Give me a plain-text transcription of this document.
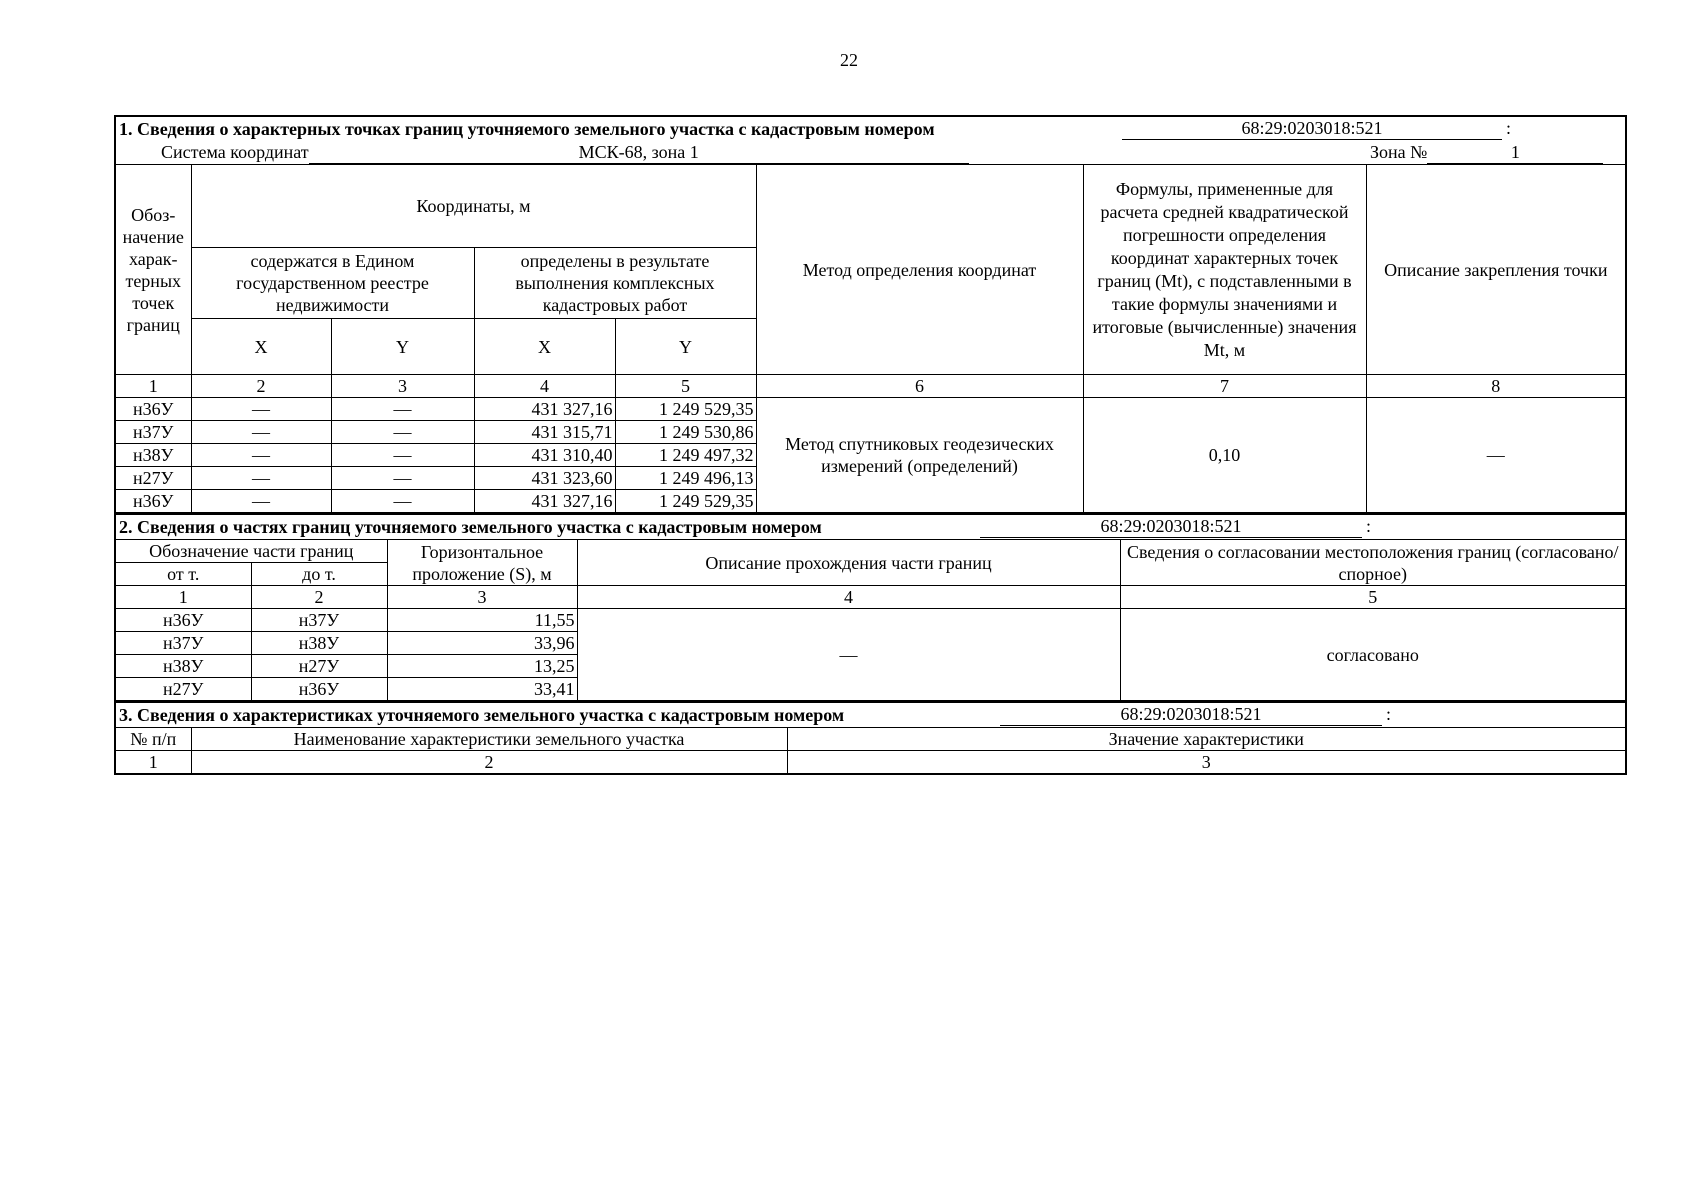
22
1. Сведения о характерных точках границ уточняемого земельного участка с кадастровым номером 68:29:0203018:521 :							

Система координат МСК-68, зона 1 Зона № 1							

Обоз-начение харак-терных точек границ	Координаты, м				Метод определения координат	Формулы, примененные для расчета средней квадратической погрешности определения координат характерных точек границ (Mt), с подставленными в такие формулы значениями и итоговые (вычисленные) значения Mt, м	Описание закрепления точки
	содержатся в Едином государственном реестре недвижимости		определены в результате выполнения комплексных кадастровых работ				
	X	Y	X	Y			
1	2	3	4	5	6	7	8
н36У	—	—	431 327,16	1 249 529,35	Метод спутниковых геодезических измерений (определений)	0,10	—
н37У	—	—	431 315,71	1 249 530,86			
н38У	—	—	431 310,40	1 249 497,32			
н27У	—	—	431 323,60	1 249 496,13			
н36У	—	—	431 327,16	1 249 529,35			
2. Сведения о частях границ уточняемого земельного участка с кадастровым номером 68:29:0203018:521 :				

Обозначение части границ		Горизонтальное проложение (S), м	Описание прохождения части границ	Сведения о согласовании местоположения границ (согласовано/спорное)
от т.	до т.			
1	2	3	4	5
н36У	н37У	11,55	—	согласовано
н37У	н38У	33,96		
н38У	н27У	13,25		
н27У	н36У	33,41		
3. Сведения о характеристиках уточняемого земельного участка с кадастровым номером 68:29:0203018:521 :		

№ п/п	Наименование характеристики земельного участка	Значение характеристики
1	2	3
